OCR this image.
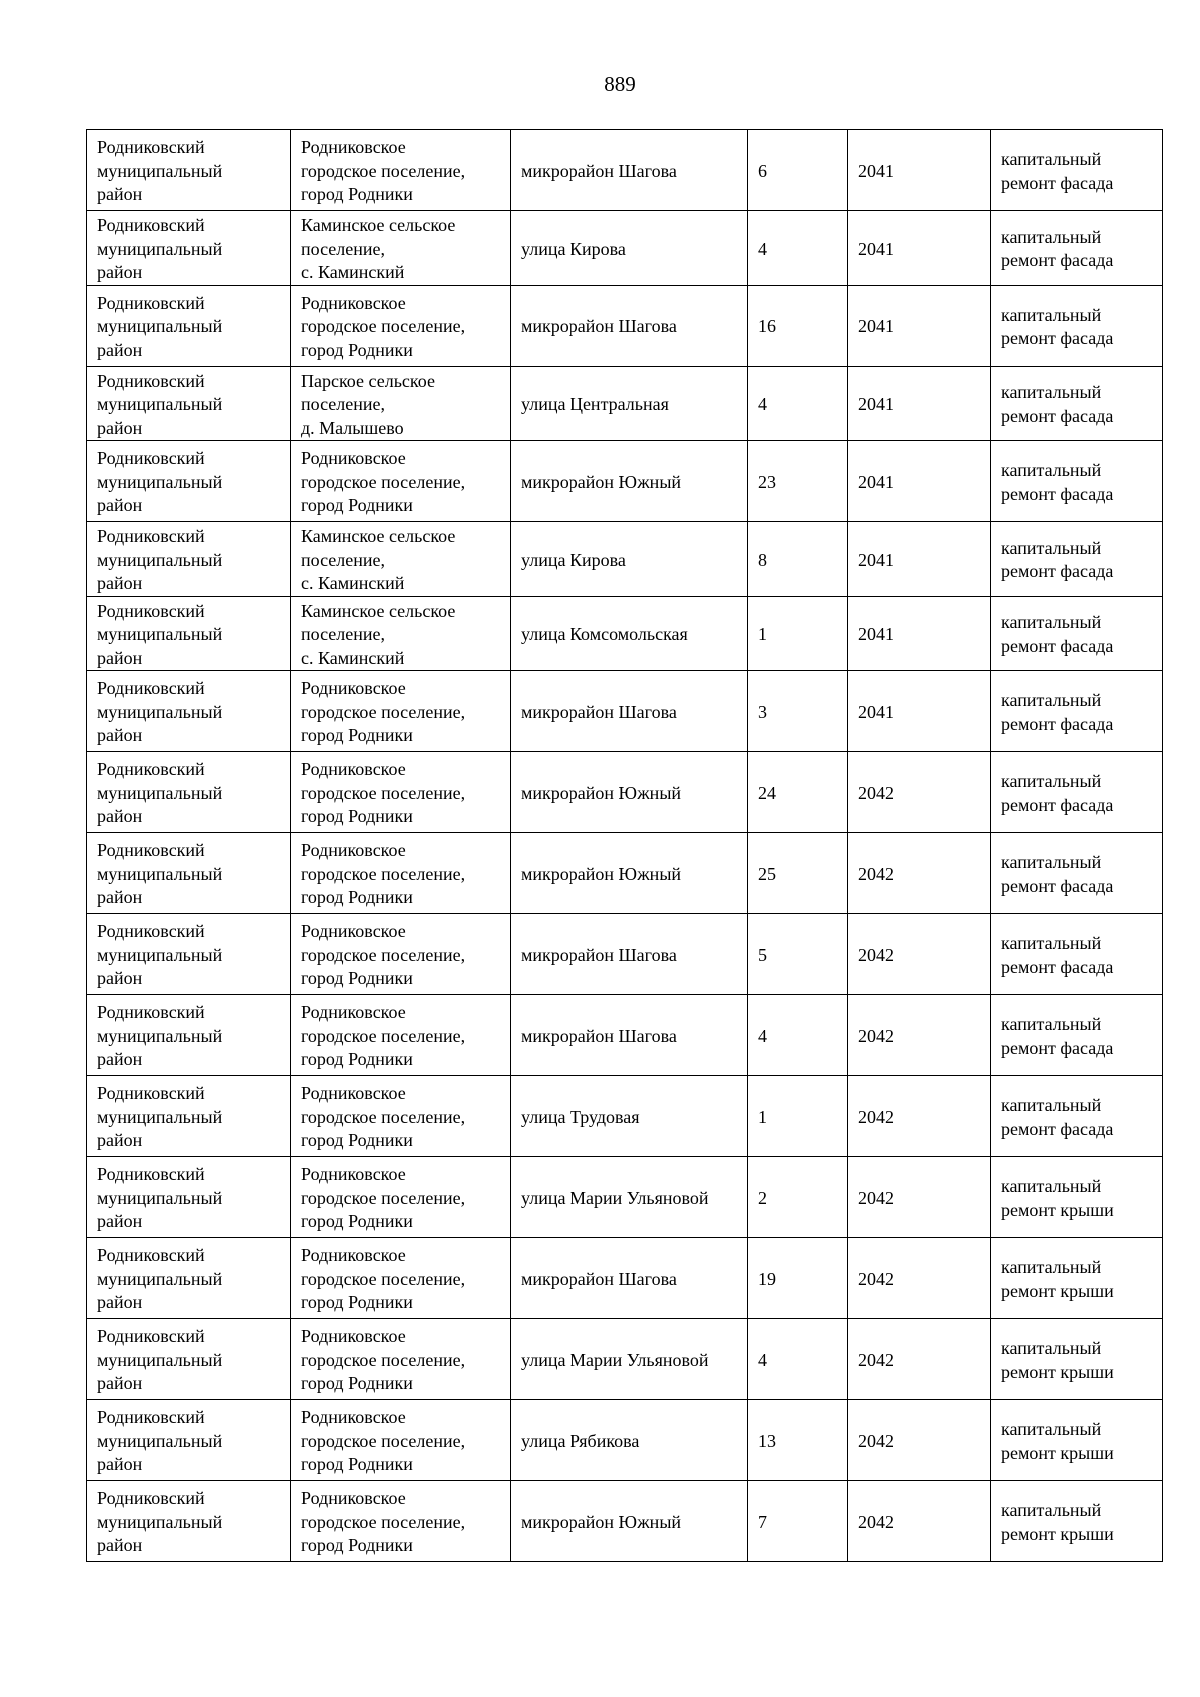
889
Родниковский
муниципальный
район	Родниковское
городское поселение,
город Родники	микрорайон Шагова	6	2041	капитальный
ремонт фасада
Родниковский
муниципальный
район	Каминское сельское
поселение,
с. Каминский	улица Кирова	4	2041	капитальный
ремонт фасада
Родниковский
муниципальный
район	Родниковское
городское поселение,
город Родники	микрорайон Шагова	16	2041	капитальный
ремонт фасада
Родниковский
муниципальный
район	Парское сельское
поселение,
д. Малышево	улица Центральная	4	2041	капитальный
ремонт фасада
Родниковский
муниципальный
район	Родниковское
городское поселение,
город Родники	микрорайон Южный	23	2041	капитальный
ремонт фасада
Родниковский
муниципальный
район	Каминское сельское
поселение,
с. Каминский	улица Кирова	8	2041	капитальный
ремонт фасада
Родниковский
муниципальный
район	Каминское сельское
поселение,
с. Каминский	улица Комсомольская	1	2041	капитальный
ремонт фасада
Родниковский
муниципальный
район	Родниковское
городское поселение,
город Родники	микрорайон Шагова	3	2041	капитальный
ремонт фасада
Родниковский
муниципальный
район	Родниковское
городское поселение,
город Родники	микрорайон Южный	24	2042	капитальный
ремонт фасада
Родниковский
муниципальный
район	Родниковское
городское поселение,
город Родники	микрорайон Южный	25	2042	капитальный
ремонт фасада
Родниковский
муниципальный
район	Родниковское
городское поселение,
город Родники	микрорайон Шагова	5	2042	капитальный
ремонт фасада
Родниковский
муниципальный
район	Родниковское
городское поселение,
город Родники	микрорайон Шагова	4	2042	капитальный
ремонт фасада
Родниковский
муниципальный
район	Родниковское
городское поселение,
город Родники	улица Трудовая	1	2042	капитальный
ремонт фасада
Родниковский
муниципальный
район	Родниковское
городское поселение,
город Родники	улица Марии Ульяновой	2	2042	капитальный
ремонт крыши
Родниковский
муниципальный
район	Родниковское
городское поселение,
город Родники	микрорайон Шагова	19	2042	капитальный
ремонт крыши
Родниковский
муниципальный
район	Родниковское
городское поселение,
город Родники	улица Марии Ульяновой	4	2042	капитальный
ремонт крыши
Родниковский
муниципальный
район	Родниковское
городское поселение,
город Родники	улица Рябикова	13	2042	капитальный
ремонт крыши
Родниковский
муниципальный
район	Родниковское
городское поселение,
город Родники	микрорайон Южный	7	2042	капитальный
ремонт крыши
